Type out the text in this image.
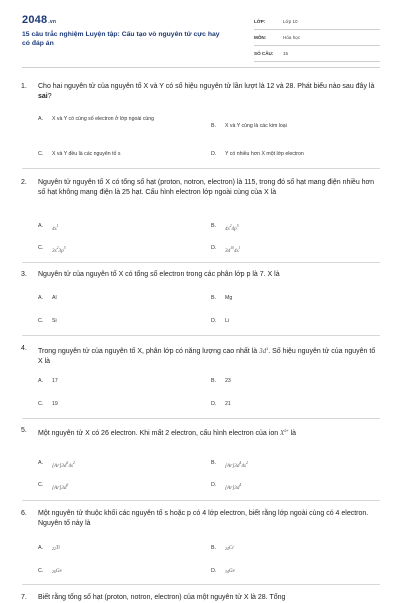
2048.vn
15 câu trắc nghiệm Luyện tập: Cấu tạo vỏ nguyên tử cực hay có đáp án
LỚP:	Lớp 10
MÔN:	Hóa học
SỐ CÂU:	15
1. Cho hai nguyên tử của nguyên tố X và Y có số hiệu nguyên tử lần lượt là 12 và 28. Phát biểu nào sau đây là sai?
A. X và Y có cùng số electron ở lớp ngoài cùng
B. X và Y cùng là các kim loại
C. X và Y đều là các nguyên tố s	D. Y có nhiều hơn X một lớp electron
2. Nguyên tử nguyên tố X có tổng số hạt (proton, notron, electron) là 115, trong đó số hạt mang điện nhiều hơn số hạt không mang điện là 25 hạt. Cấu hình electron lớp ngoài cùng của X là
A. $4s^1$	B. $4s^24p^5$
C. $3s^23p^5$	D. $3d^{10}4s^1$
3. Nguyên tử của nguyên tố X có tổng số electron trong các phân lớp p là 7. X là
A. Al	B. Mg
C. Si	D. Li
4. Trong nguyên tử của nguyên tố X, phân lớp có năng lượng cao nhất là $3d^1$. Số hiệu nguyên tử của nguyên tố X là
A. 17	B. 23
C. 19	D. 21
5. Một nguyên tử X có 26 electron. Khi mất 2 electron, cấu hình electron của ion $X^{2+}$ là
A. $[Ar]3d^64s^2$	B. $[Ar]3d^44s^2$
C. $[Ar]3d^6$	D. $[Ar]3d^4$
6. Một nguyên tử thuộc khối các nguyên tố s hoặc p có 4 lớp electron, biết rằng lớp ngoài cùng có 4 electron. Nguyên tố này là
A. 22Ti	B. 24Cr
C. 26Ge	D. 34Ge
7. Biết rằng tổng số hạt (proton, notron, electron) của một nguyên tử X là 28. Tổng
